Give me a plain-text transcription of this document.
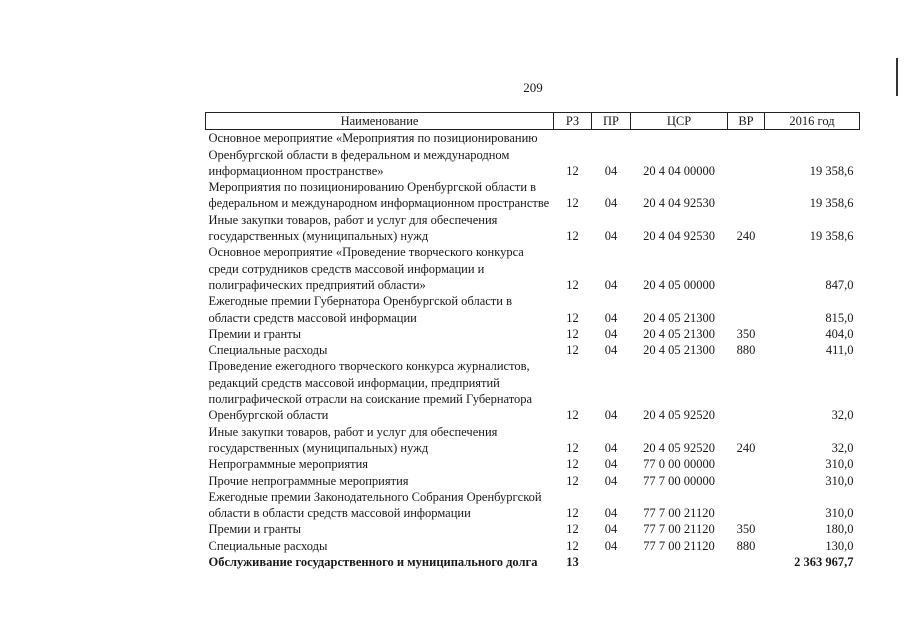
209
Наименование	РЗ	ПР	ЦСР	ВР	2016 год
Основное мероприятие «Мероприятия по позиционированию Оренбургской области в федеральном и международном информационном пространстве»	12	04	20 4 04 00000		19 358,6
Мероприятия по позиционированию Оренбургской области в федеральном и международном информационном пространстве	12	04	20 4 04 92530		19 358,6
Иные закупки товаров, работ и услуг для обеспечения государственных (муниципальных) нужд	12	04	20 4 04 92530	240	19 358,6
Основное мероприятие «Проведение творческого конкурса среди сотрудников средств массовой информации и полиграфических предприятий области»	12	04	20 4 05 00000		847,0
Ежегодные премии Губернатора Оренбургской области в области средств массовой информации	12	04	20 4 05 21300		815,0
Премии и гранты	12	04	20 4 05 21300	350	404,0
Специальные расходы	12	04	20 4 05 21300	880	411,0
Проведение ежегодного творческого конкурса журналистов, редакций средств массовой информации, предприятий полиграфической отрасли на соискание премий Губернатора Оренбургской области	12	04	20 4 05 92520		32,0
Иные закупки товаров, работ и услуг для обеспечения государственных (муниципальных) нужд	12	04	20 4 05 92520	240	32,0
Непрограммные мероприятия	12	04	77 0 00 00000		310,0
Прочие непрограммные мероприятия	12	04	77 7 00 00000		310,0
Ежегодные премии Законодательного Собрания Оренбургской области в области средств массовой информации	12	04	77 7 00 21120		310,0
Премии и гранты	12	04	77 7 00 21120	350	180,0
Специальные расходы	12	04	77 7 00 21120	880	130,0
Обслуживание государственного и муниципального долга	13				2 363 967,7
